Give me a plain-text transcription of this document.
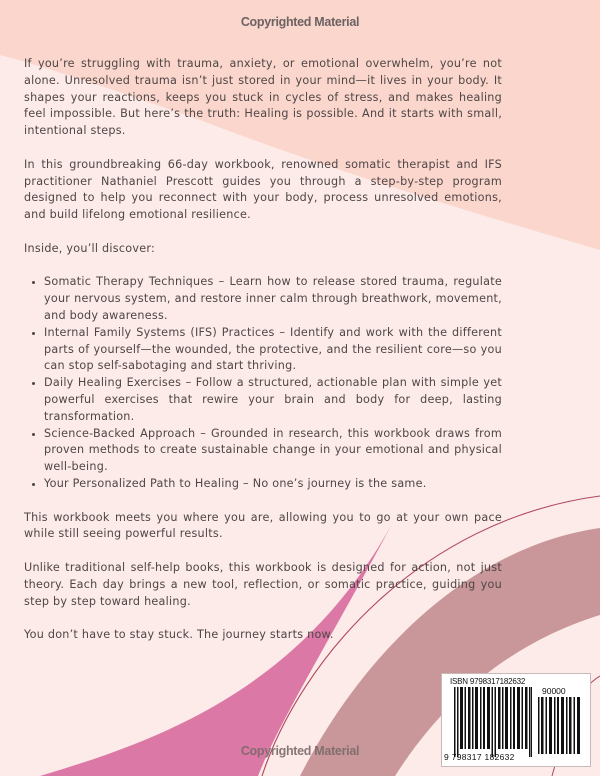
Copyrighted Material

If you’re struggling with trauma, anxiety, or emotional overwhelm, you’re not alone. Unresolved trauma isn’t just stored in your mind—it lives in your body. It shapes your reactions, keeps you stuck in cycles of stress, and makes healing feel impossible. But here’s the truth: Healing is possible. And it starts with small, intentional steps.

In this groundbreaking 66-day workbook, renowned somatic therapist and IFS practitioner Nathaniel Prescott guides you through a step-by-step program designed to help you reconnect with your body, process unresolved emotions, and build lifelong emotional resilience.

Inside, you’ll discover:

• Somatic Therapy Techniques – Learn how to release stored trauma, regulate your nervous system, and restore inner calm through breathwork, movement, and body awareness.
• Internal Family Systems (IFS) Practices – Identify and work with the different parts of yourself—the wounded, the protective, and the resilient core—so you can stop self-sabotaging and start thriving.
• Daily Healing Exercises – Follow a structured, actionable plan with simple yet powerful exercises that rewire your brain and body for deep, lasting transformation.
• Science-Backed Approach – Grounded in research, this workbook draws from proven methods to create sustainable change in your emotional and physical well-being.
• Your Personalized Path to Healing – No one’s journey is the same.

This workbook meets you where you are, allowing you to go at your own pace while still seeing powerful results.

Unlike traditional self-help books, this workbook is designed for action, not just theory. Each day brings a new tool, reflection, or somatic practice, guiding you step by step toward healing.

You don’t have to stay stuck. The journey starts now.

ISBN 9798317182632
90000
9 798317 182632
Copyrighted Material
